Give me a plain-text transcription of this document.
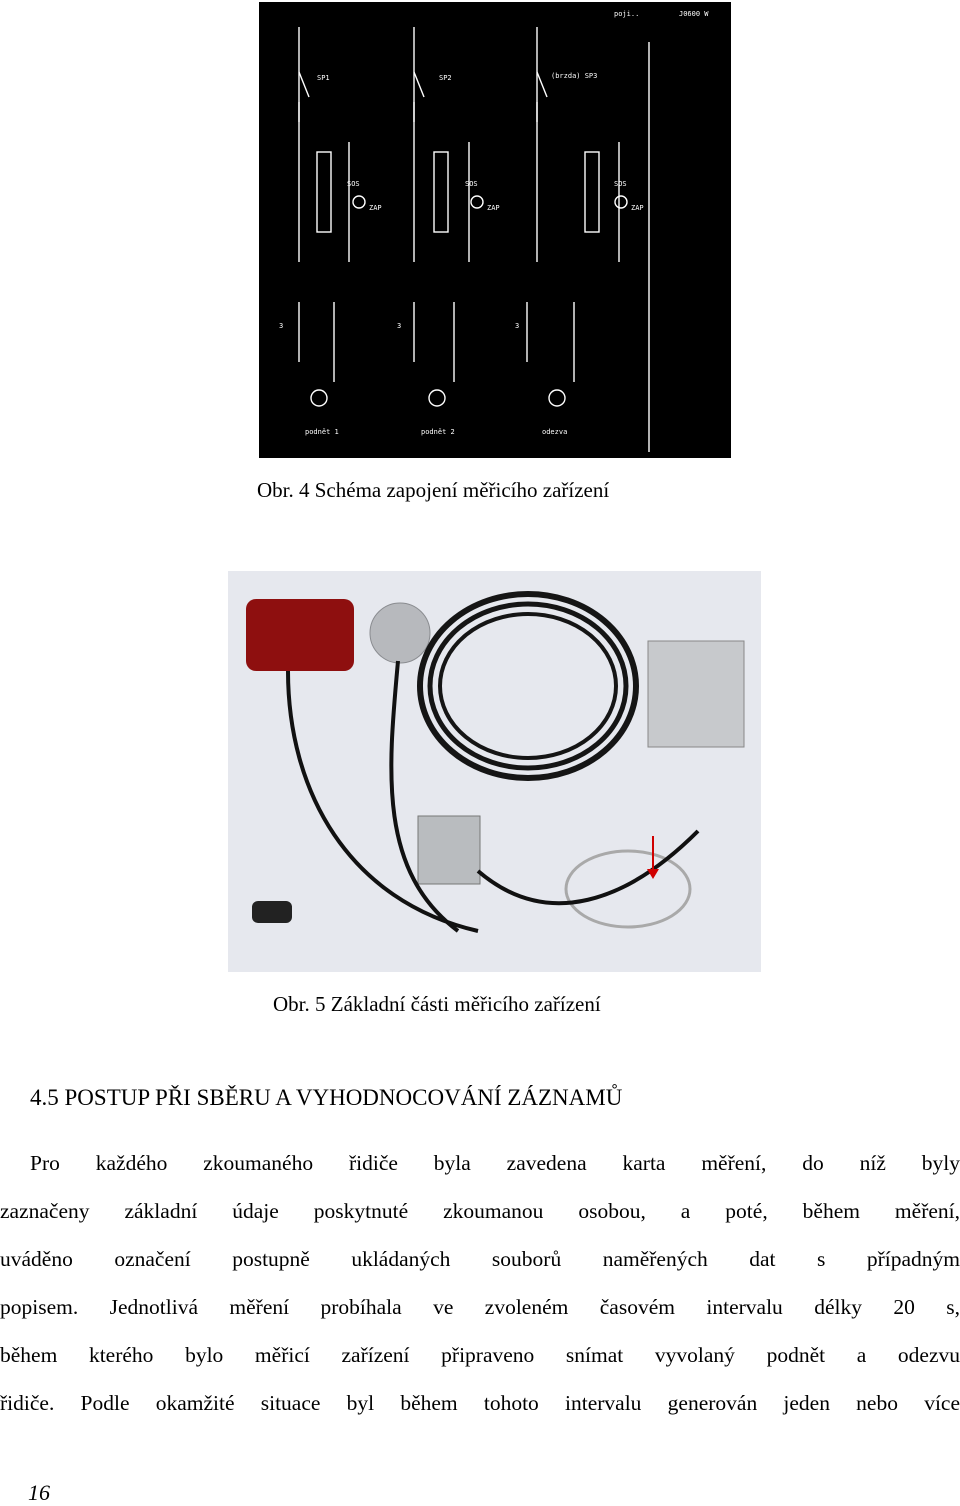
poji..	J0600 W
SP1	SP2	(brzda) SP3
SOS	SOS	SOS
ZAP	ZAP	ZAP
3	3	3
podnět 1	podnět 2	odezva
Obr. 4 Schéma zapojení měřicího zařízení
Obr. 5 Základní části měřicího zařízení
4.5 POSTUP PŘI SBĚRU A VYHODNOCOVÁNÍ ZÁZNAMŮ
Pro každého zkoumaného řidiče byla zavedena karta měření, do níž byly
zaznačeny základní údaje poskytnuté zkoumanou osobou, a poté, během měření,
uváděno označení postupně ukládaných souborů naměřených dat s případným
popisem. Jednotlivá měření probíhala ve zvoleném časovém intervalu délky 20 s,
během kterého bylo měřicí zařízení připraveno snímat vyvolaný podnět a odezvu
řidiče. Podle okamžité situace byl během tohoto intervalu generován jeden nebo více
16
